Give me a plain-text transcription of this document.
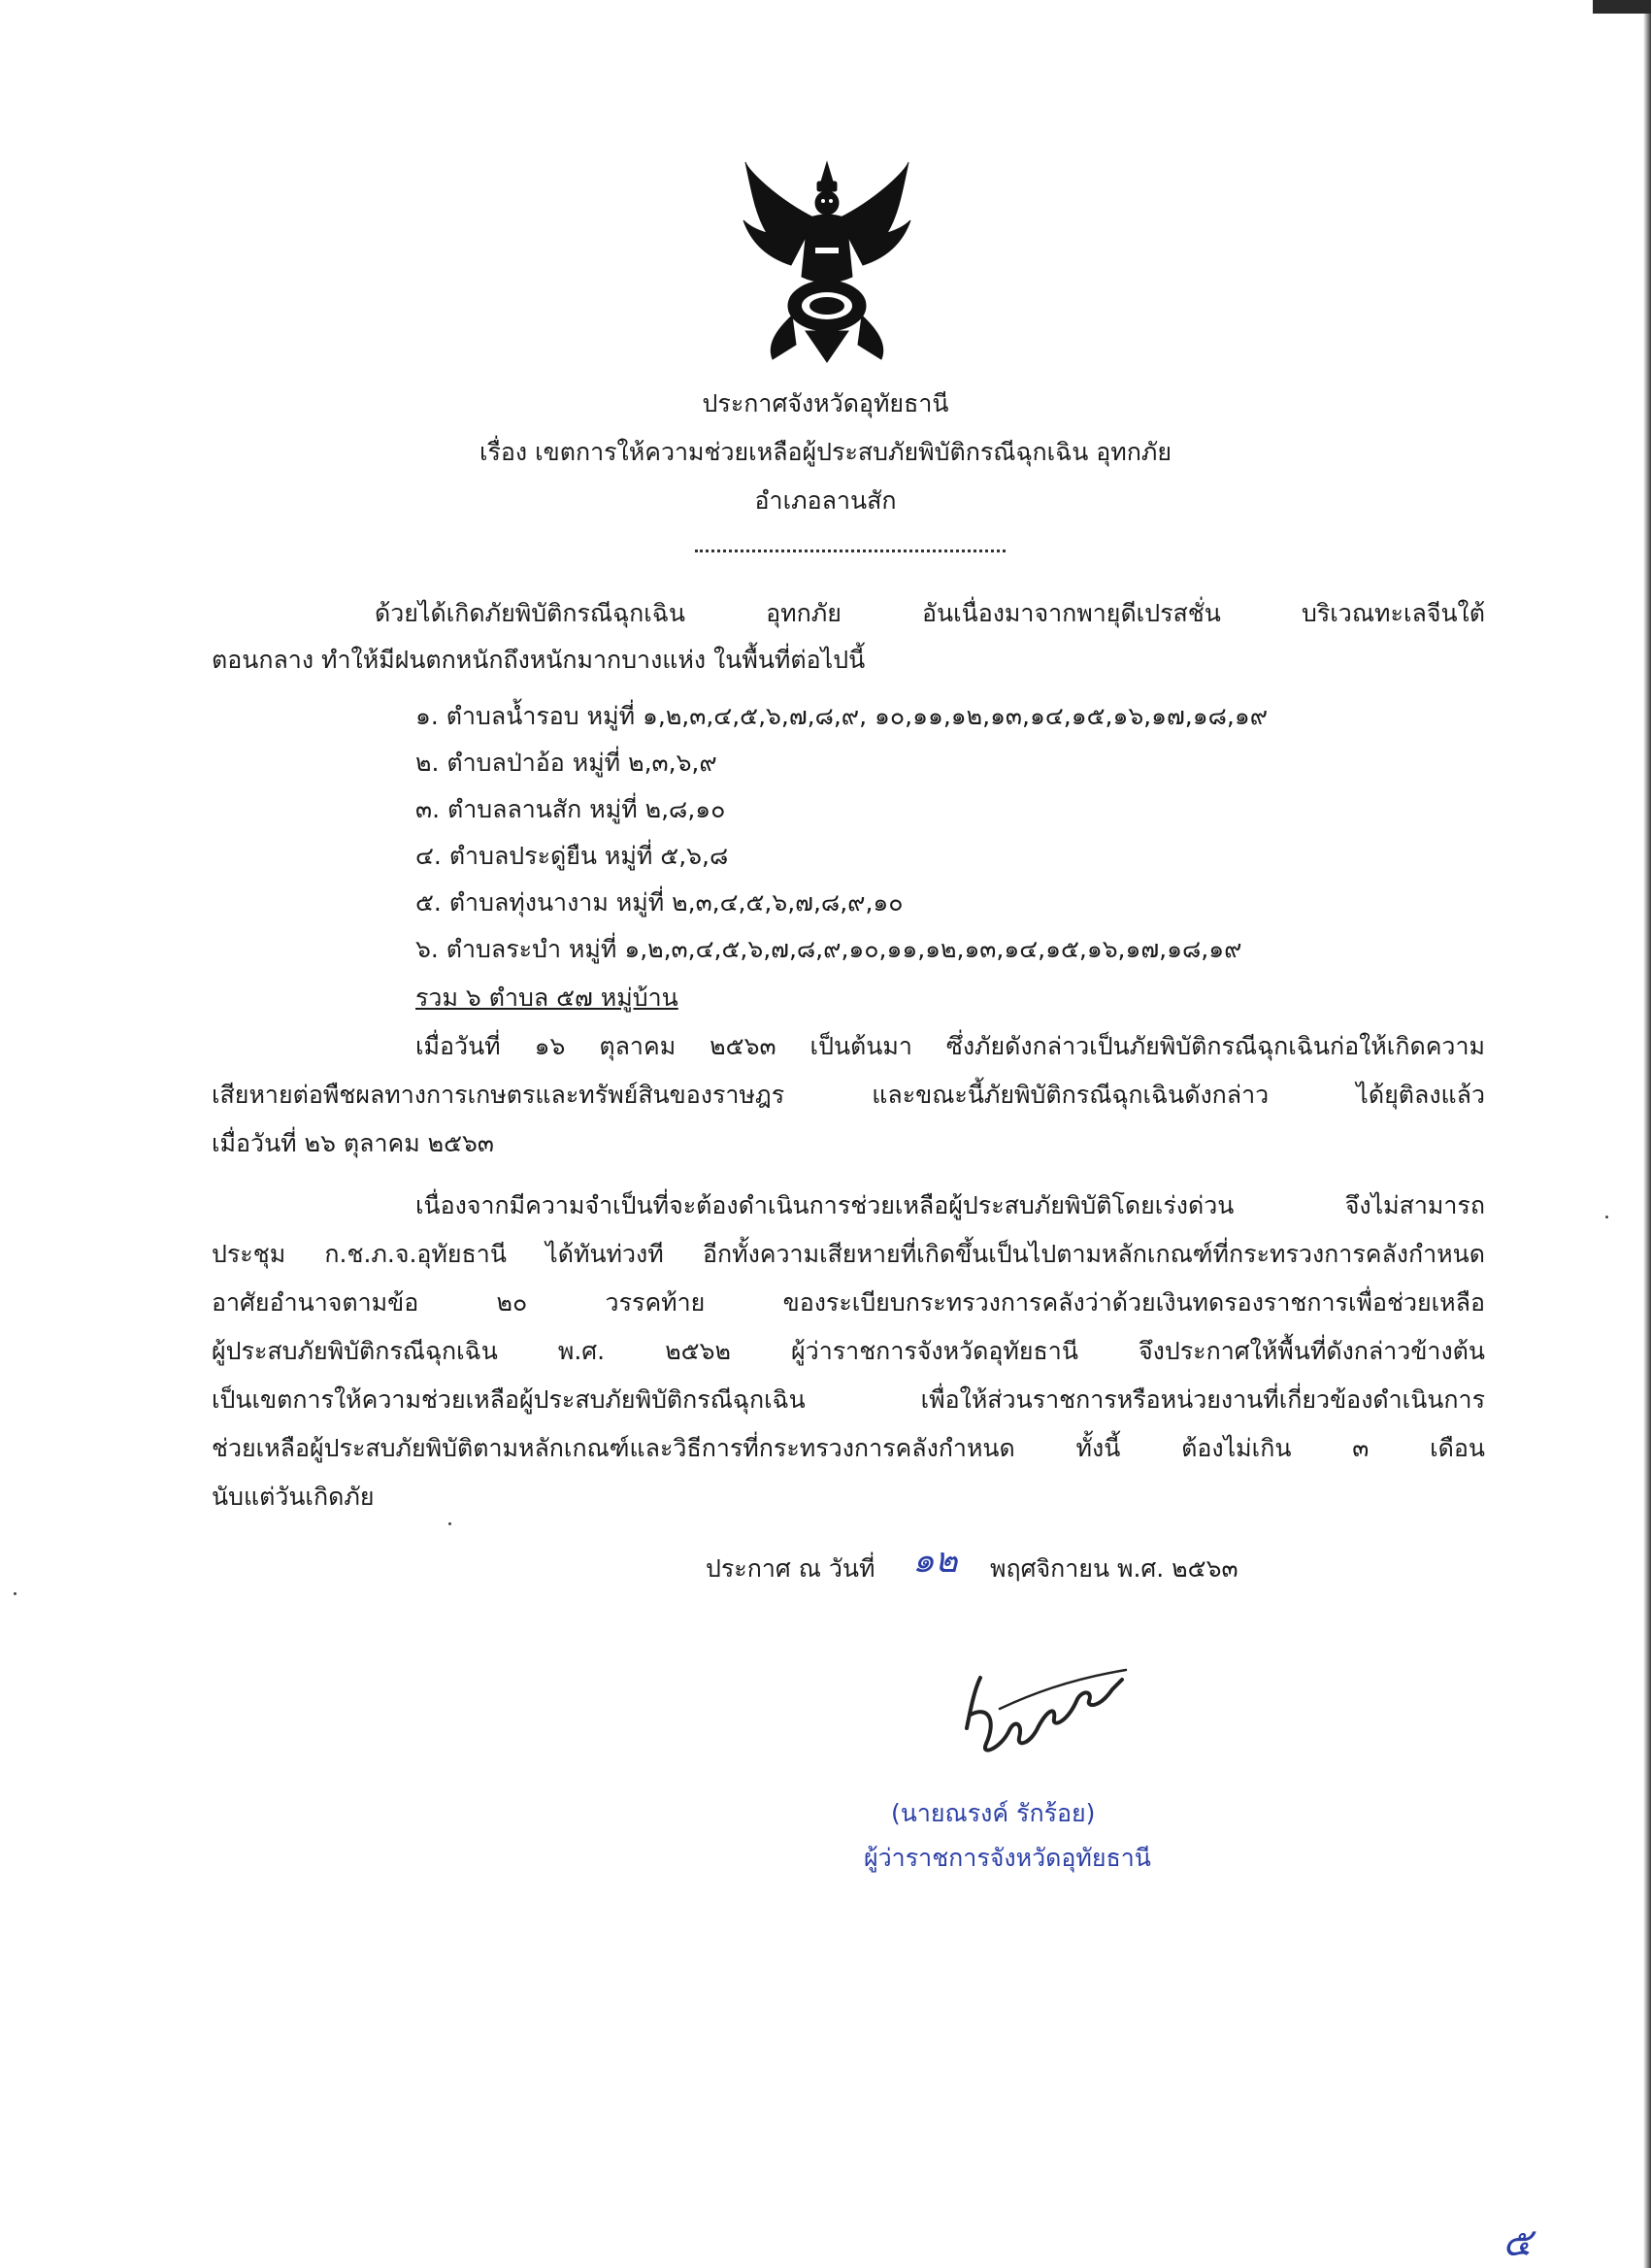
ประกาศจังหวัดอุทัยธานี
เรื่อง เขตการให้ความช่วยเหลือผู้ประสบภัยพิบัติกรณีฉุกเฉิน อุทกภัย
อำเภอลานสัก
ด้วยได้เกิดภัยพิบัติกรณีฉุกเฉิน อุทกภัย อันเนื่องมาจากพายุดีเปรสชั่น บริเวณทะเลจีนใต้
ตอนกลาง ทำให้มีฝนตกหนักถึงหนักมากบางแห่ง ในพื้นที่ต่อไปนี้
๑. ตำบลน้ำรอบ หมู่ที่ ๑,๒,๓,๔,๕,๖,๗,๘,๙, ๑๐,๑๑,๑๒,๑๓,๑๔,๑๕,๑๖,๑๗,๑๘,๑๙
๒. ตำบลป่าอ้อ หมู่ที่ ๒,๓,๖,๙
๓. ตำบลลานสัก หมู่ที่ ๒,๘,๑๐
๔. ตำบลประดู่ยืน หมู่ที่ ๕,๖,๘
๕. ตำบลทุ่งนางาม หมู่ที่ ๒,๓,๔,๕,๖,๗,๘,๙,๑๐
๖. ตำบลระบำ หมู่ที่ ๑,๒,๓,๔,๕,๖,๗,๘,๙,๑๐,๑๑,๑๒,๑๓,๑๔,๑๕,๑๖,๑๗,๑๘,๑๙
รวม ๖ ตำบล ๕๗ หมู่บ้าน
เมื่อวันที่ ๑๖ ตุลาคม ๒๕๖๓ เป็นต้นมา ซึ่งภัยดังกล่าวเป็นภัยพิบัติกรณีฉุกเฉินก่อให้เกิดความ
เสียหายต่อพืชผลทางการเกษตรและทรัพย์สินของราษฎร และขณะนี้ภัยพิบัติกรณีฉุกเฉินดังกล่าว ได้ยุติลงแล้ว
เมื่อวันที่ ๒๖ ตุลาคม ๒๕๖๓
เนื่องจากมีความจำเป็นที่จะต้องดำเนินการช่วยเหลือผู้ประสบภัยพิบัติโดยเร่งด่วน จึงไม่สามารถ
ประชุม ก.ช.ภ.จ.อุทัยธานี ได้ทันท่วงที อีกทั้งความเสียหายที่เกิดขึ้นเป็นไปตามหลักเกณฑ์ที่กระทรวงการคลังกำหนด
อาศัยอำนาจตามข้อ ๒๐ วรรคท้าย ของระเบียบกระทรวงการคลังว่าด้วยเงินทดรองราชการเพื่อช่วยเหลือ
ผู้ประสบภัยพิบัติกรณีฉุกเฉิน พ.ศ. ๒๕๖๒ ผู้ว่าราชการจังหวัดอุทัยธานี จึงประกาศให้พื้นที่ดังกล่าวข้างต้น
เป็นเขตการให้ความช่วยเหลือผู้ประสบภัยพิบัติกรณีฉุกเฉิน เพื่อให้ส่วนราชการหรือหน่วยงานที่เกี่ยวข้องดำเนินการ
ช่วยเหลือผู้ประสบภัยพิบัติตามหลักเกณฑ์และวิธีการที่กระทรวงการคลังกำหนด ทั้งนี้ ต้องไม่เกิน ๓ เดือน
นับแต่วันเกิดภัย
ประกาศ ณ วันที่ ๑๒ พฤศจิกายน พ.ศ. ๒๕๖๓
(นายณรงค์ รักร้อย)
ผู้ว่าราชการจังหวัดอุทัยธานี
๕
